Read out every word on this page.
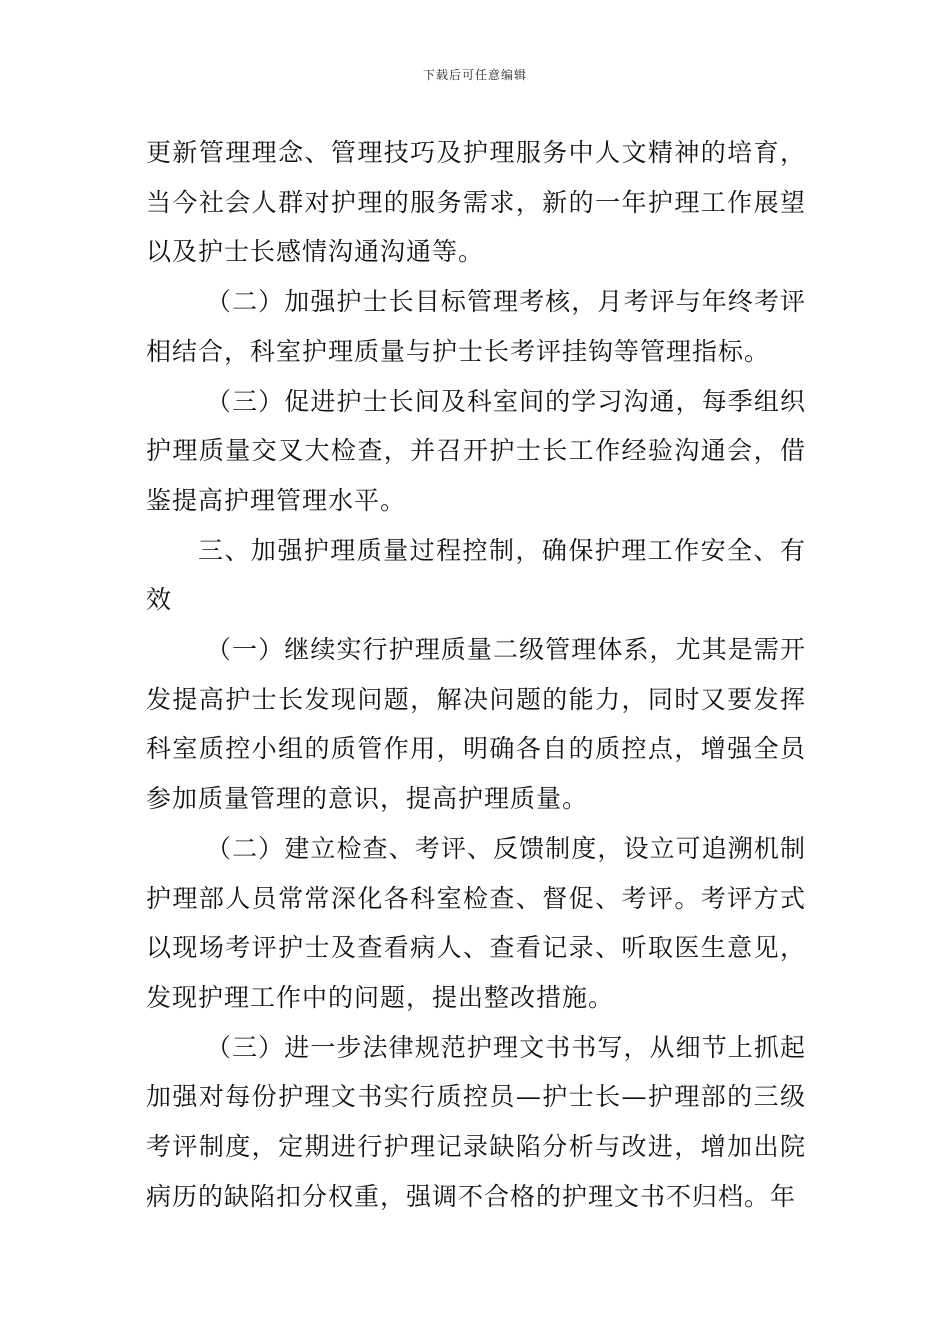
下载后可任意编辑

更新管理理念、管理技巧及护理服务中人文精神的培育，当今社会人群对护理的服务需求，新的一年护理工作展望以及护士长感情沟通沟通等。

（二）加强护士长目标管理考核，月考评与年终考评相结合，科室护理质量与护士长考评挂钩等管理指标。

（三）促进护士长间及科室间的学习沟通，每季组织护理质量交叉大检查，并召开护士长工作经验沟通会，借鉴提高护理管理水平。

三、加强护理质量过程控制，确保护理工作安全、有效

（一）继续实行护理质量二级管理体系，尤其是需开发提高护士长发现问题，解决问题的能力，同时又要发挥科室质控小组的质管作用，明确各自的质控点，增强全员参加质量管理的意识，提高护理质量。

（二）建立检查、考评、反馈制度，设立可追溯机制护理部人员常常深化各科室检查、督促、考评。考评方式以现场考评护士及查看病人、查看记录、听取医生意见，发现护理工作中的问题，提出整改措施。

（三）进一步法律规范护理文书书写，从细节上抓起加强对每份护理文书实行质控员—护士长—护理部的三级考评制度，定期进行护理记录缺陷分析与改进，增加出院病历的缺陷扣分权重，强调不合格的护理文书不归档。年
